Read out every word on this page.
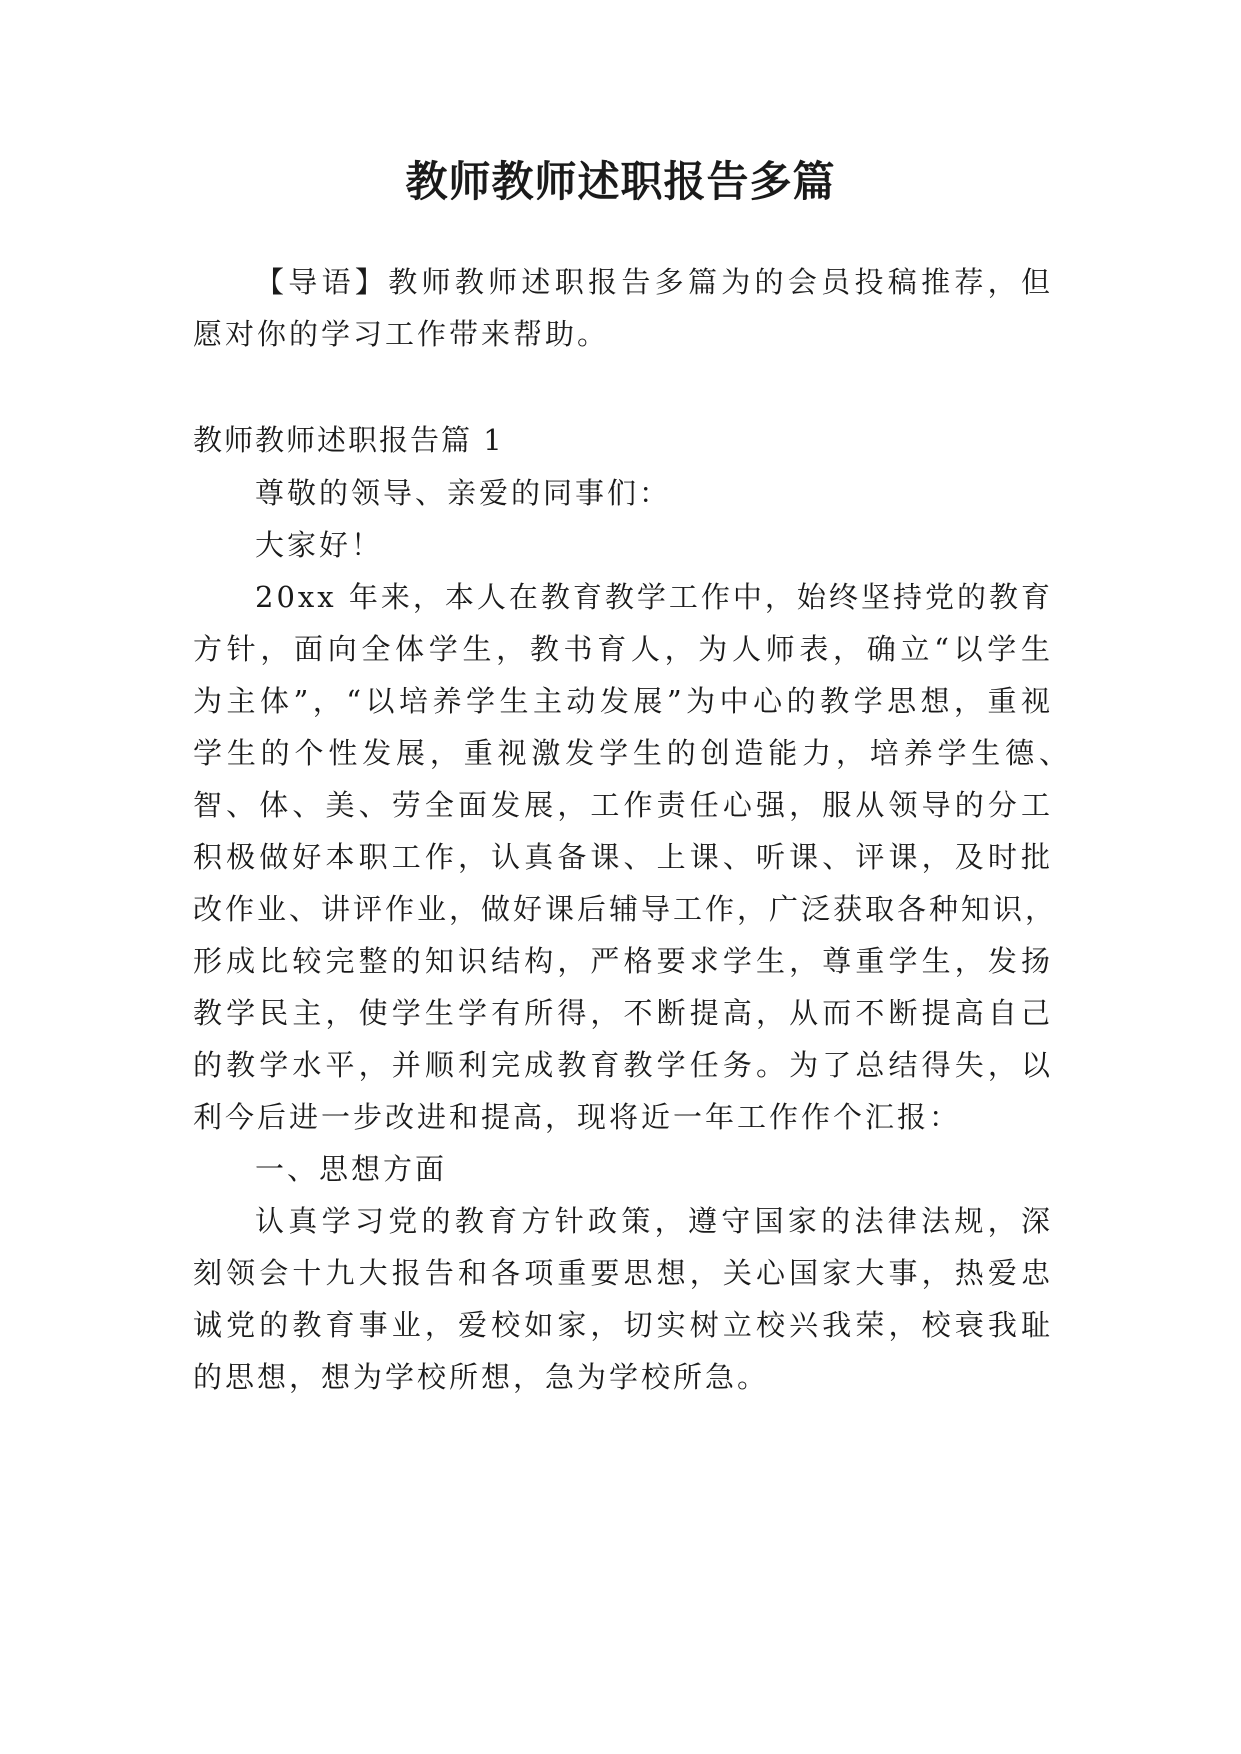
教师教师述职报告多篇
【导语】教师教师述职报告多篇为的会员投稿推荐，但
愿对你的学习工作带来帮助。
教师教师述职报告篇 1
尊敬的领导、亲爱的同事们：
大家好！
20xx 年来，本人在教育教学工作中，始终坚持党的教育
方针，面向全体学生，教书育人，为人师表，确立“以学生
为主体”，“以培养学生主动发展”为中心的教学思想，重视
学生的个性发展，重视激发学生的创造能力，培养学生德、
智、体、美、劳全面发展，工作责任心强，服从领导的分工
积极做好本职工作，认真备课、上课、听课、评课，及时批
改作业、讲评作业，做好课后辅导工作，广泛获取各种知识，
形成比较完整的知识结构，严格要求学生，尊重学生，发扬
教学民主，使学生学有所得，不断提高，从而不断提高自己
的教学水平，并顺利完成教育教学任务。为了总结得失，以
利今后进一步改进和提高，现将近一年工作作个汇报：
一、思想方面
认真学习党的教育方针政策，遵守国家的法律法规，深
刻领会十九大报告和各项重要思想，关心国家大事，热爱忠
诚党的教育事业，爱校如家，切实树立校兴我荣，校衰我耻
的思想，想为学校所想，急为学校所急。
